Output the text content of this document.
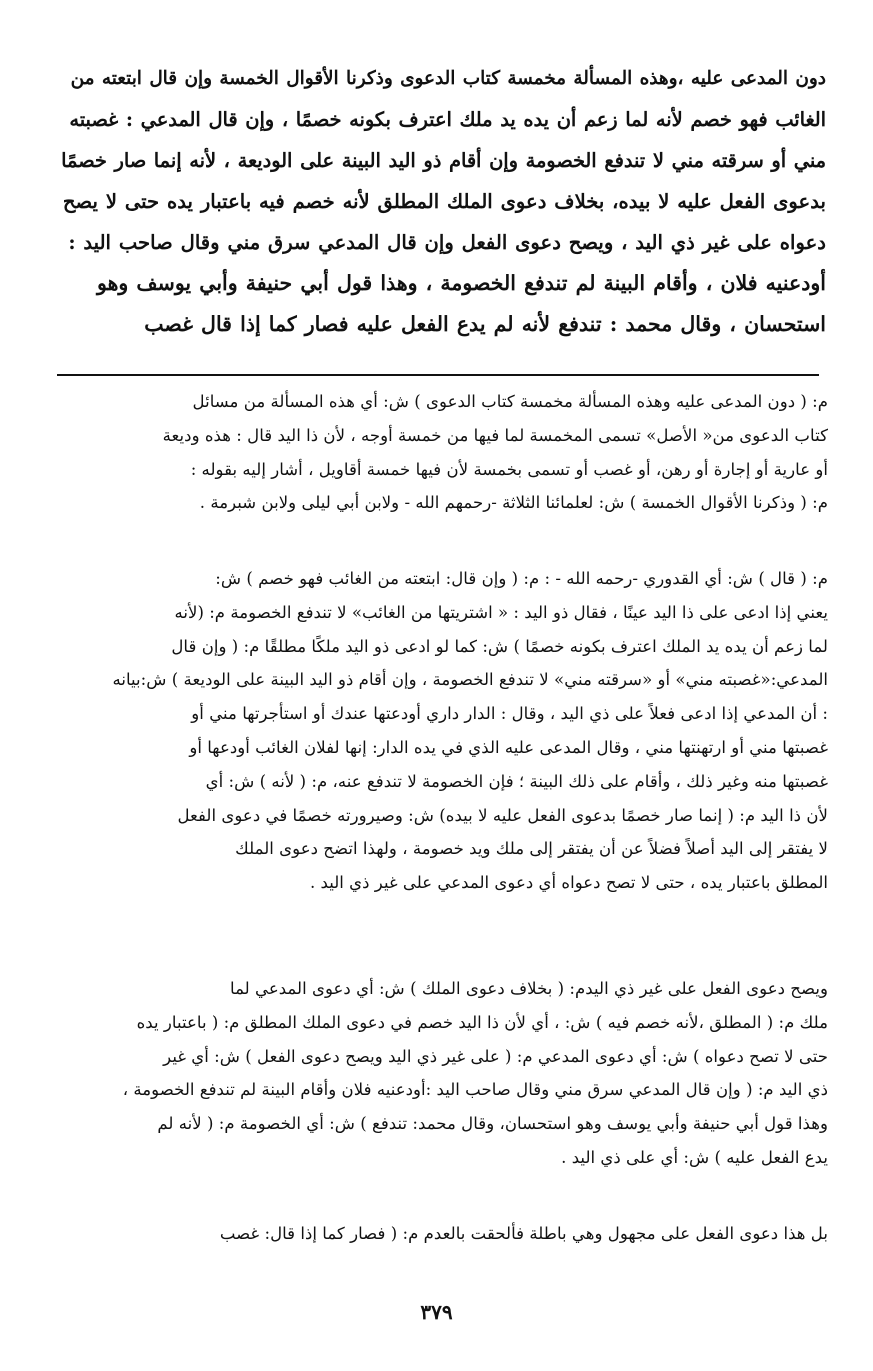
دون المدعى عليه ،وهذه المسألة مخمسة كتاب الدعوى وذكرنا الأقوال الخمسة وإن قال ابتعته من
الغائب فهو خصم لأنه لما زعم أن يده يد ملك اعترف بكونه خصمًا ، وإن قال المدعي : غصبته
مني أو سرقته مني لا تندفع الخصومة وإن أقام ذو اليد البينة على الوديعة ، لأنه إنما صار خصمًا
بدعوى الفعل عليه لا بيده، بخلاف دعوى الملك المطلق لأنه خصم فيه باعتبار يده حتى لا يصح
دعواه على غير ذي اليد ، ويصح دعوى الفعل وإن قال المدعي سرق مني وقال صاحب اليد :
أودعنيه فلان ، وأقام البينة لم تندفع الخصومة ، وهذا قول أبي حنيفة وأبي يوسف وهو
استحسان ، وقال محمد : تندفع لأنه لم يدع الفعل عليه فصار كما إذا قال غصب
م: ( دون المدعى عليه وهذه المسألة مخمسة كتاب الدعوى ) ش: أي هذه المسألة من مسائل
كتاب الدعوى من« الأصل» تسمى المخمسة لما فيها من خمسة أوجه ، لأن ذا اليد قال : هذه وديعة
أو عارية أو إجارة أو رهن، أو غصب أو تسمى بخمسة لأن فيها خمسة أقاويل ، أشار إليه بقوله :
م: ( وذكرنا الأقوال الخمسة ) ش: لعلمائنا الثلاثة -رحمهم الله - ولابن أبي ليلى ولابن شبرمة .
م: ( قال ) ش: أي القدوري -رحمه الله - : م: ( وإن قال: ابتعته من الغائب فهو خصم ) ش:
يعني إذا ادعى على ذا اليد عينًا ، فقال ذو اليد : « اشتريتها من الغائب» لا تندفع الخصومة م: (لأنه
لما زعم أن يده يد الملك اعترف بكونه خصمًا ) ش: كما لو ادعى ذو اليد ملكًا مطلقًا م: ( وإن قال
المدعي:«غصبته مني» أو «سرقته مني» لا تندفع الخصومة ، وإن أقام ذو اليد البينة على الوديعة ) ش:بيانه
: أن المدعي إذا ادعى فعلاً على ذي اليد ، وقال : الدار داري أودعتها عندك أو استأجرتها مني أو
غصبتها مني أو ارتهنتها مني ، وقال المدعى عليه الذي في يده الدار: إنها لفلان الغائب أودعها أو
غصبتها منه وغير ذلك ، وأقام على ذلك البينة ؛ فإن الخصومة لا تندفع عنه، م: ( لأنه ) ش: أي
لأن ذا اليد م: ( إنما صار خصمًا بدعوى الفعل عليه لا بيده) ش: وصيرورته خصمًا في دعوى الفعل
لا يفتقر إلى اليد أصلاً فضلاً عن أن يفتقر إلى ملك ويد خصومة ، ولهذا اتضح دعوى الملك
المطلق باعتبار يده ، حتى لا تصح دعواه أي دعوى المدعي على غير ذي اليد .
ويصح دعوى الفعل على غير ذي اليدم: ( بخلاف دعوى الملك ) ش: أي دعوى المدعي لما
ملك م: ( المطلق ،لأنه خصم فيه ) ش: ، أي لأن ذا اليد خصم في دعوى الملك المطلق م: ( باعتبار يده
حتى لا تصح دعواه ) ش: أي دعوى المدعي م: ( على غير ذي اليد ويصح دعوى الفعل ) ش: أي غير
ذي اليد م: ( وإن قال المدعي سرق مني وقال صاحب اليد :أودعنيه فلان وأقام البينة لم تندفع الخصومة ،
وهذا قول أبي حنيفة وأبي يوسف وهو استحسان، وقال محمد: تندفع ) ش: أي الخصومة م: ( لأنه لم
يدع الفعل عليه ) ش: أي على ذي اليد .
بل هذا دعوى الفعل على مجهول وهي باطلة فألحقت بالعدم م: ( فصار كما إذا قال: غصب
٣٧٩
